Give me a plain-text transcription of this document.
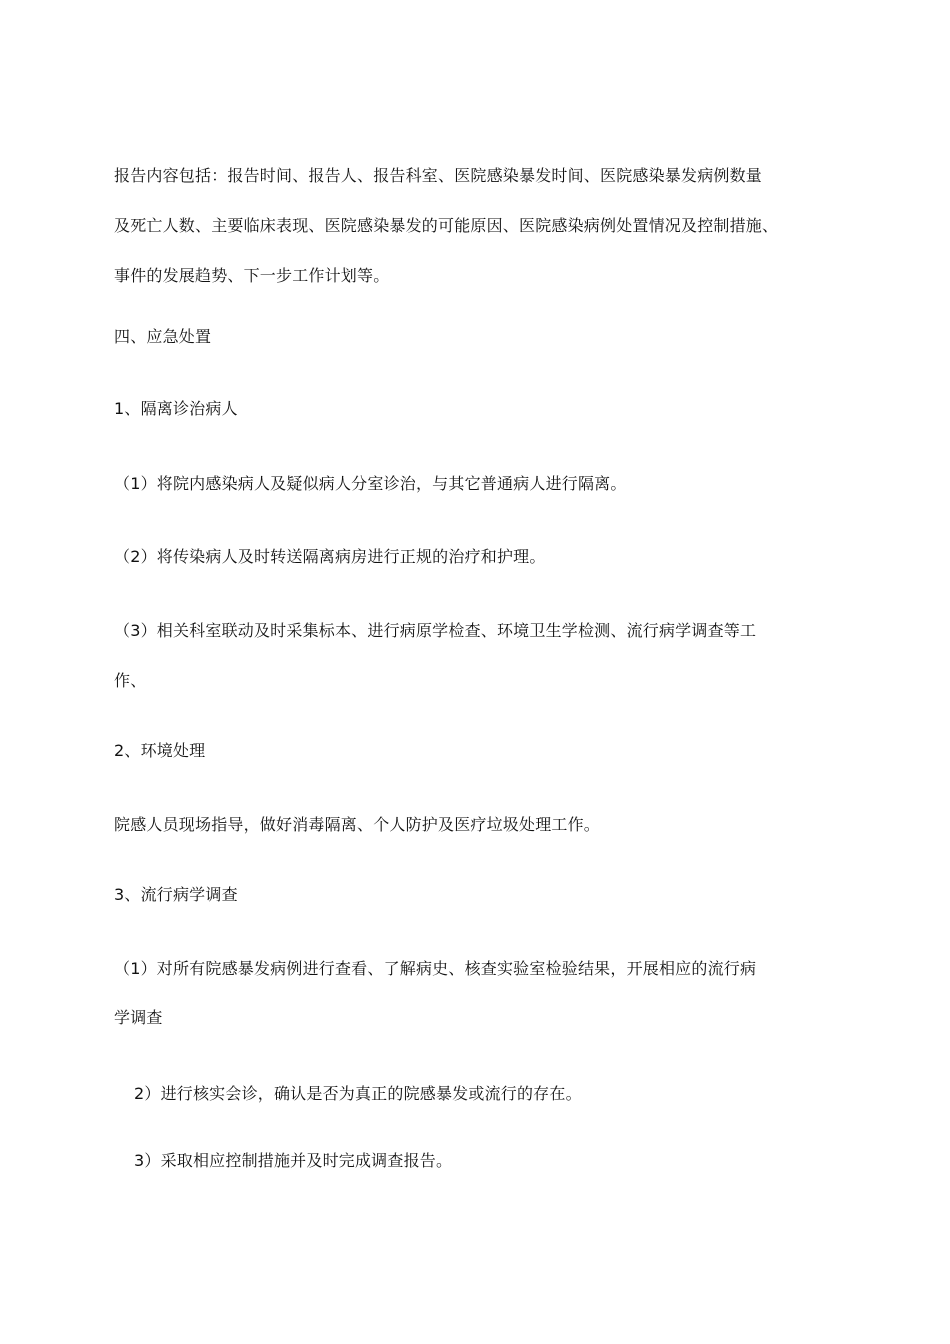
报告内容包括：报告时间、报告人、报告科室、医院感染暴发时间、医院感染暴发病例数量
及死亡人数、主要临床表现、医院感染暴发的可能原因、医院感染病例处置情况及控制措施、
事件的发展趋势、下一步工作计划等。
四、应急处置
1、隔离诊治病人
（1）将院内感染病人及疑似病人分室诊治，与其它普通病人进行隔离。
（2）将传染病人及时转送隔离病房进行正规的治疗和护理。
（3）相关科室联动及时采集标本、进行病原学检查、环境卫生学检测、流行病学调查等工
作、
2、环境处理
院感人员现场指导，做好消毒隔离、个人防护及医疗垃圾处理工作。
3、流行病学调查
（1）对所有院感暴发病例进行查看、了解病史、核查实验室检验结果，开展相应的流行病
学调查
2）进行核实会诊，确认是否为真正的院感暴发或流行的存在。
3）采取相应控制措施并及时完成调查报告。
